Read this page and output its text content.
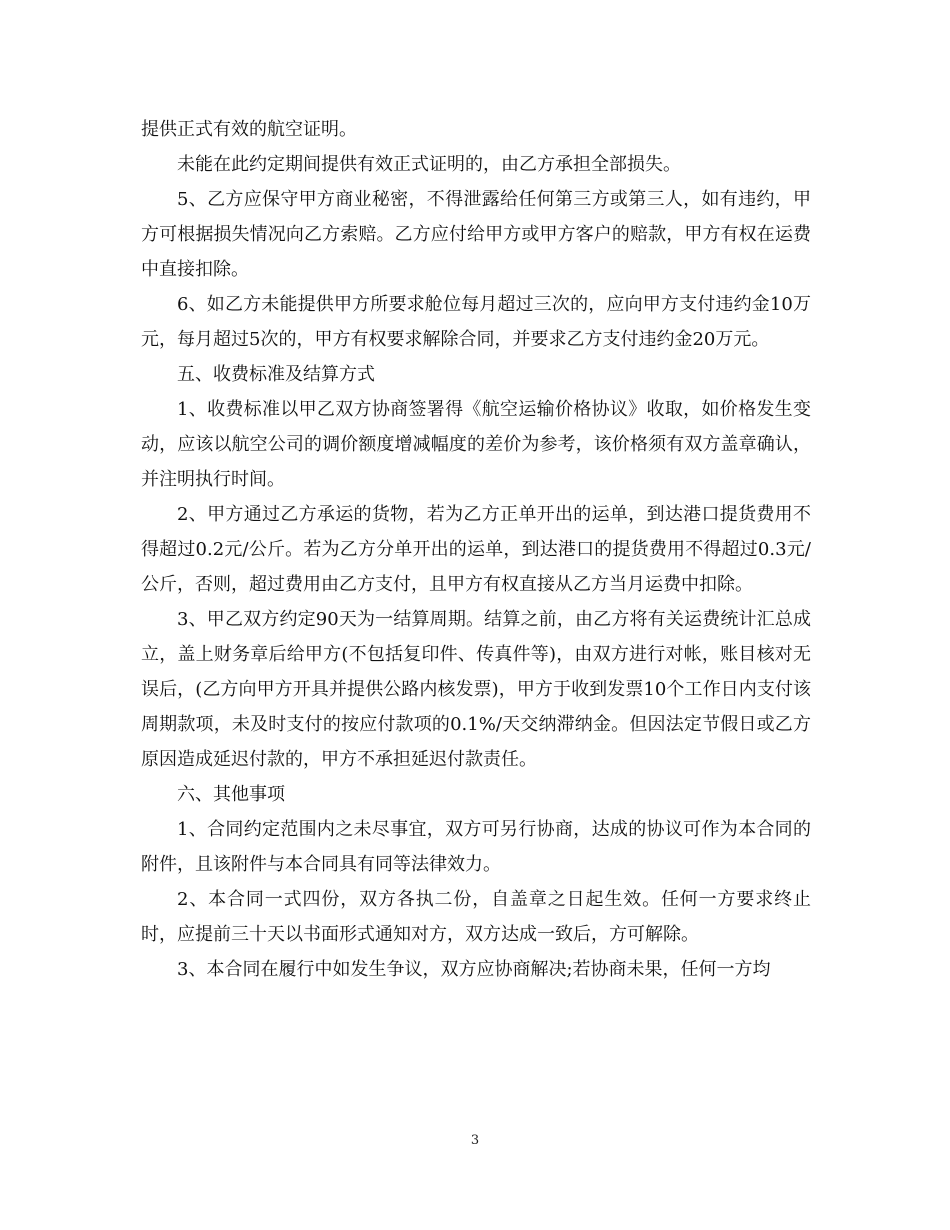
提供正式有效的航空证明。

未能在此约定期间提供有效正式证明的，由乙方承担全部损失。

5、乙方应保守甲方商业秘密，不得泄露给任何第三方或第三人，如有违约，甲方可根据损失情况向乙方索赔。乙方应付给甲方或甲方客户的赔款，甲方有权在运费中直接扣除。

6、如乙方未能提供甲方所要求舱位每月超过三次的，应向甲方支付违约金10万元，每月超过5次的，甲方有权要求解除合同，并要求乙方支付违约金20万元。

五、收费标准及结算方式

1、收费标准以甲乙双方协商签署得《航空运输价格协议》收取，如价格发生变动，应该以航空公司的调价额度增减幅度的差价为参考，该价格须有双方盖章确认，并注明执行时间。

2、甲方通过乙方承运的货物，若为乙方正单开出的运单，到达港口提货费用不得超过0.2元/公斤。若为乙方分单开出的运单，到达港口的提货费用不得超过0.3元/公斤，否则，超过费用由乙方支付，且甲方有权直接从乙方当月运费中扣除。

3、甲乙双方约定90天为一结算周期。结算之前，由乙方将有关运费统计汇总成立，盖上财务章后给甲方(不包括复印件、传真件等)，由双方进行对帐，账目核对无误后，(乙方向甲方开具并提供公路内核发票)，甲方于收到发票10个工作日内支付该周期款项，未及时支付的按应付款项的0.1%/天交纳滞纳金。但因法定节假日或乙方原因造成延迟付款的，甲方不承担延迟付款责任。

六、其他事项

1、合同约定范围内之未尽事宜，双方可另行协商，达成的协议可作为本合同的附件，且该附件与本合同具有同等法律效力。

2、本合同一式四份，双方各执二份，自盖章之日起生效。任何一方要求终止时，应提前三十天以书面形式通知对方，双方达成一致后，方可解除。

3、本合同在履行中如发生争议，双方应协商解决;若协商未果，任何一方均

3
